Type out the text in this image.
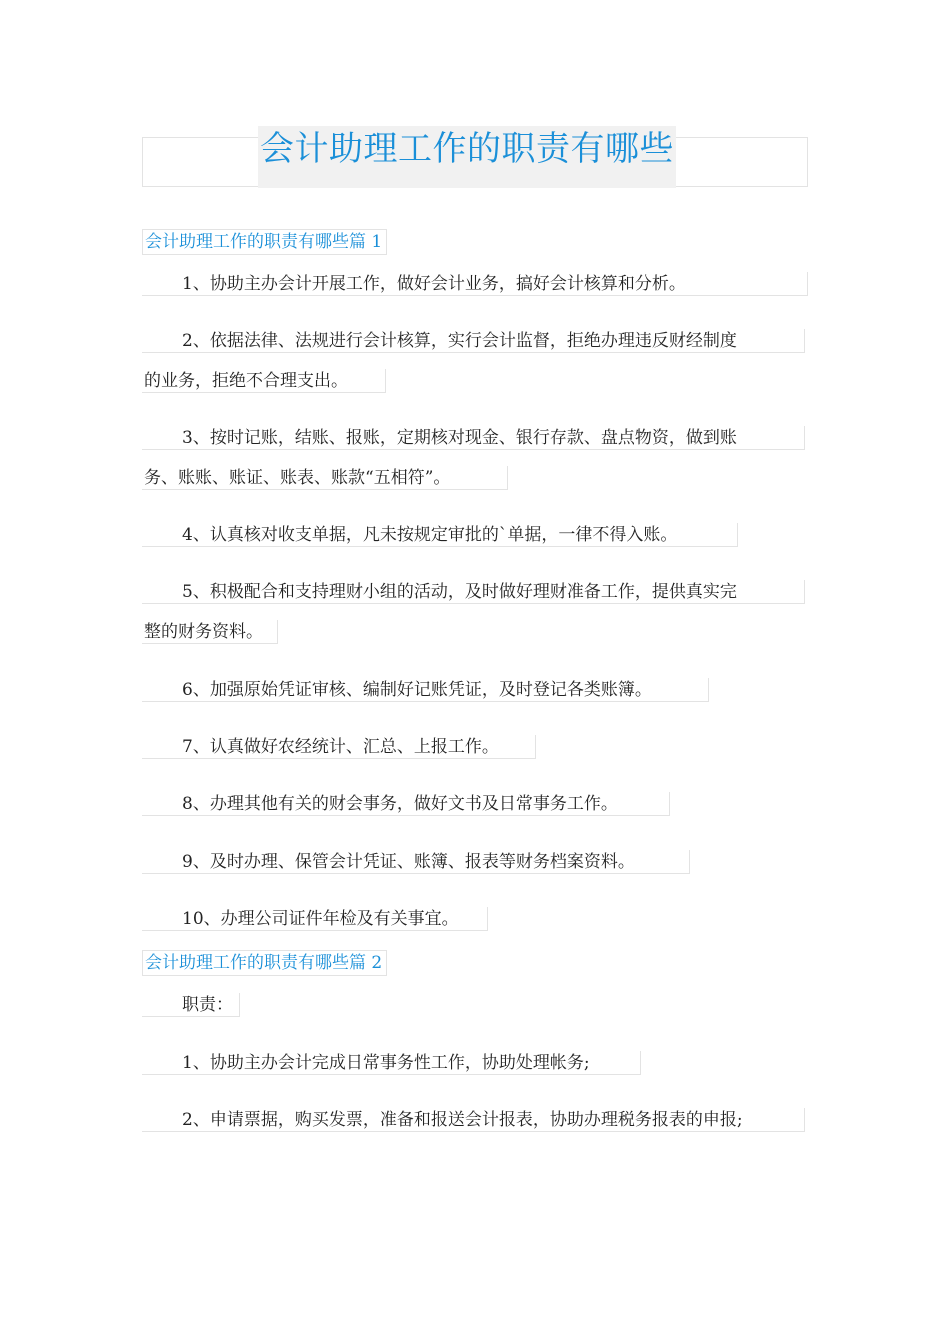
会计助理工作的职责有哪些
会计助理工作的职责有哪些篇 1
1、协助主办会计开展工作，做好会计业务，搞好会计核算和分析。
2、依据法律、法规进行会计核算，实行会计监督，拒绝办理违反财经制度
的业务，拒绝不合理支出。
3、按时记账，结账、报账，定期核对现金、银行存款、盘点物资，做到账
务、账账、账证、账表、账款“五相符”。
4、认真核对收支单据，凡未按规定审批的`单据，一律不得入账。
5、积极配合和支持理财小组的活动，及时做好理财准备工作，提供真实完
整的财务资料。
6、加强原始凭证审核、编制好记账凭证，及时登记各类账簿。
7、认真做好农经统计、汇总、上报工作。
8、办理其他有关的财会事务，做好文书及日常事务工作。
9、及时办理、保管会计凭证、账簿、报表等财务档案资料。
10、办理公司证件年检及有关事宜。
会计助理工作的职责有哪些篇 2
职责：
1、协助主办会计完成日常事务性工作，协助处理帐务;
2、申请票据，购买发票，准备和报送会计报表，协助办理税务报表的申报;
